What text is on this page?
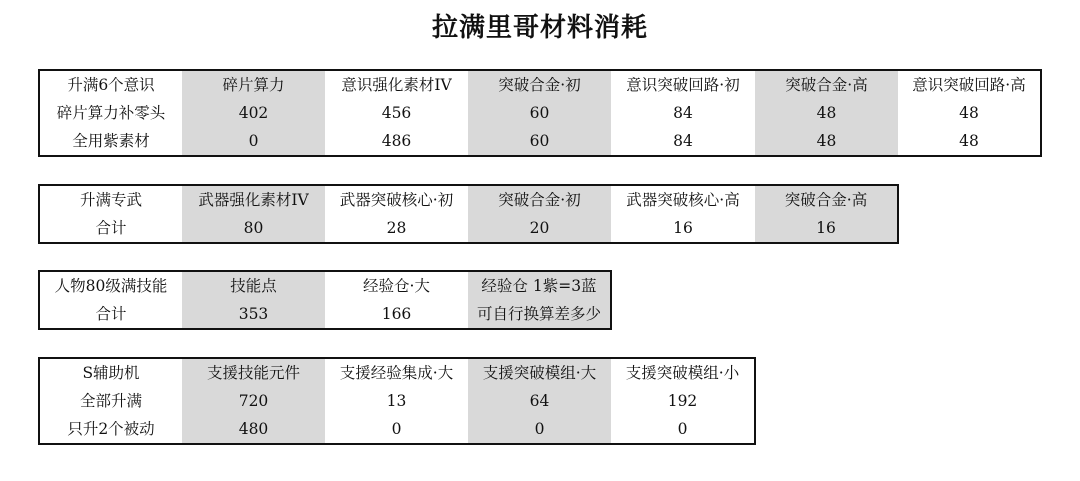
拉满里哥材料消耗
升满6个意识	碎片算力	意识强化素材IV	突破合金·初	意识突破回路·初	突破合金·高	意识突破回路·高
碎片算力补零头	402	456	60	84	48	48
全用紫素材	0	486	60	84	48	48
升满专武	武器强化素材IV	武器突破核心·初	突破合金·初	武器突破核心·高	突破合金·高
合计	80	28	20	16	16
人物80级满技能	技能点	经验仓·大	经验仓 1紫=3蓝
合计	353	166	可自行换算差多少
S辅助机	支援技能元件	支援经验集成·大	支援突破模组·大	支援突破模组·小
全部升满	720	13	64	192
只升2个被动	480	0	0	0
